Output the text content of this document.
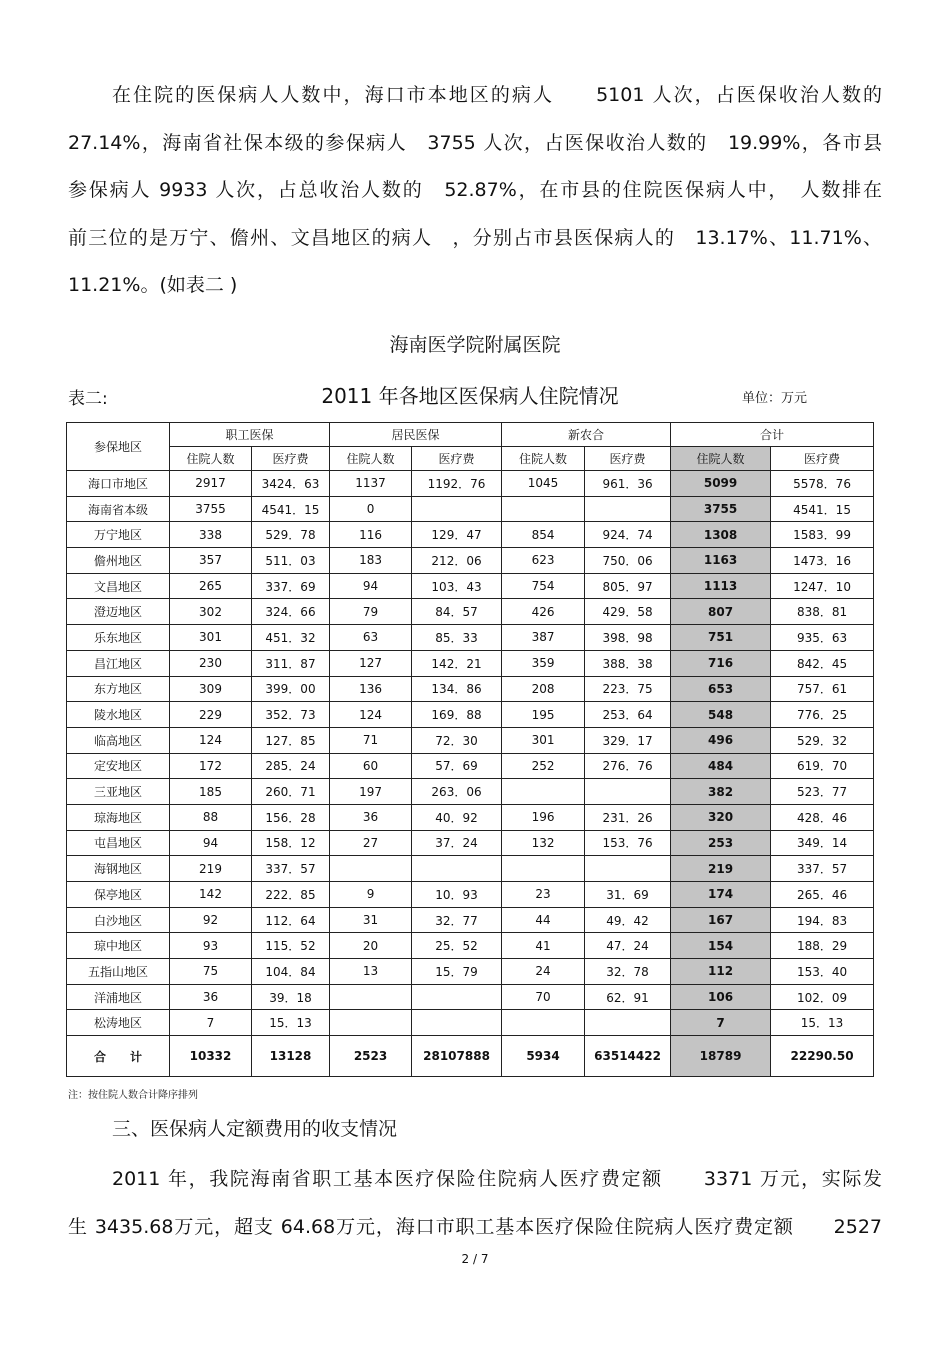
在住院的医保病人人数中，海口市本地区的病人　　5101 人次，占医保收治人数的
27.14%，海南省社保本级的参保病人　3755 人次，占医保收治人数的　19.99%，各市县
参保病人 9933 人次，占总收治人数的　52.87%，在市县的住院医保病人中，　人数排在
前三位的是万宁、儋州、文昌地区的病人　，分别占市县医保病人的　13.17%、11.71%、
11.21%。(如表二 )
海南医学院附属医院
表二:	2011 年各地区医保病人住院情况	单位：万元
参保地区	职工医保		居民医保		新农合		合计	
	住院人数	医疗费	住院人数	医疗费	住院人数	医疗费	住院人数	医疗费
海口市地区	2917	3424．63	1137	1192．76	1045	961．36	5099	5578．76
海南省本级	3755	4541．15	0				3755	4541．15
万宁地区	338	529．78	116	129．47	854	924．74	1308	1583．99
儋州地区	357	511．03	183	212．06	623	750．06	1163	1473．16
文昌地区	265	337．69	94	103．43	754	805．97	1113	1247．10
澄迈地区	302	324．66	79	84．57	426	429．58	807	838．81
乐东地区	301	451．32	63	85．33	387	398．98	751	935．63
昌江地区	230	311．87	127	142．21	359	388．38	716	842．45
东方地区	309	399．00	136	134．86	208	223．75	653	757．61
陵水地区	229	352．73	124	169．88	195	253．64	548	776．25
临高地区	124	127．85	71	72．30	301	329．17	496	529．32
定安地区	172	285．24	60	57．69	252	276．76	484	619．70
三亚地区	185	260．71	197	263．06			382	523．77
琼海地区	88	156．28	36	40．92	196	231．26	320	428．46
屯昌地区	94	158．12	27	37．24	132	153．76	253	349．14
海钢地区	219	337．57					219	337．57
保亭地区	142	222．85	9	10．93	23	31．69	174	265．46
白沙地区	92	112．64	31	32．77	44	49．42	167	194．83
琼中地区	93	115．52	20	25．52	41	47．24	154	188．29
五指山地区	75	104．84	13	15．79	24	32．78	112	153．40
洋浦地区	36	39．18			70	62．91	106	102．09
松涛地区	7	15．13					7	15．13
合　　计	10332	13128	2523	28107888	5934	63514422	18789	22290.50
注：按住院人数合计降序排列
三、医保病人定额费用的收支情况
2011 年，我院海南省职工基本医疗保险住院病人医疗费定额　　3371 万元，实际发
生 3435.68万元，超支 64.68万元，海口市职工基本医疗保险住院病人医疗费定额　　2527
2 / 7
